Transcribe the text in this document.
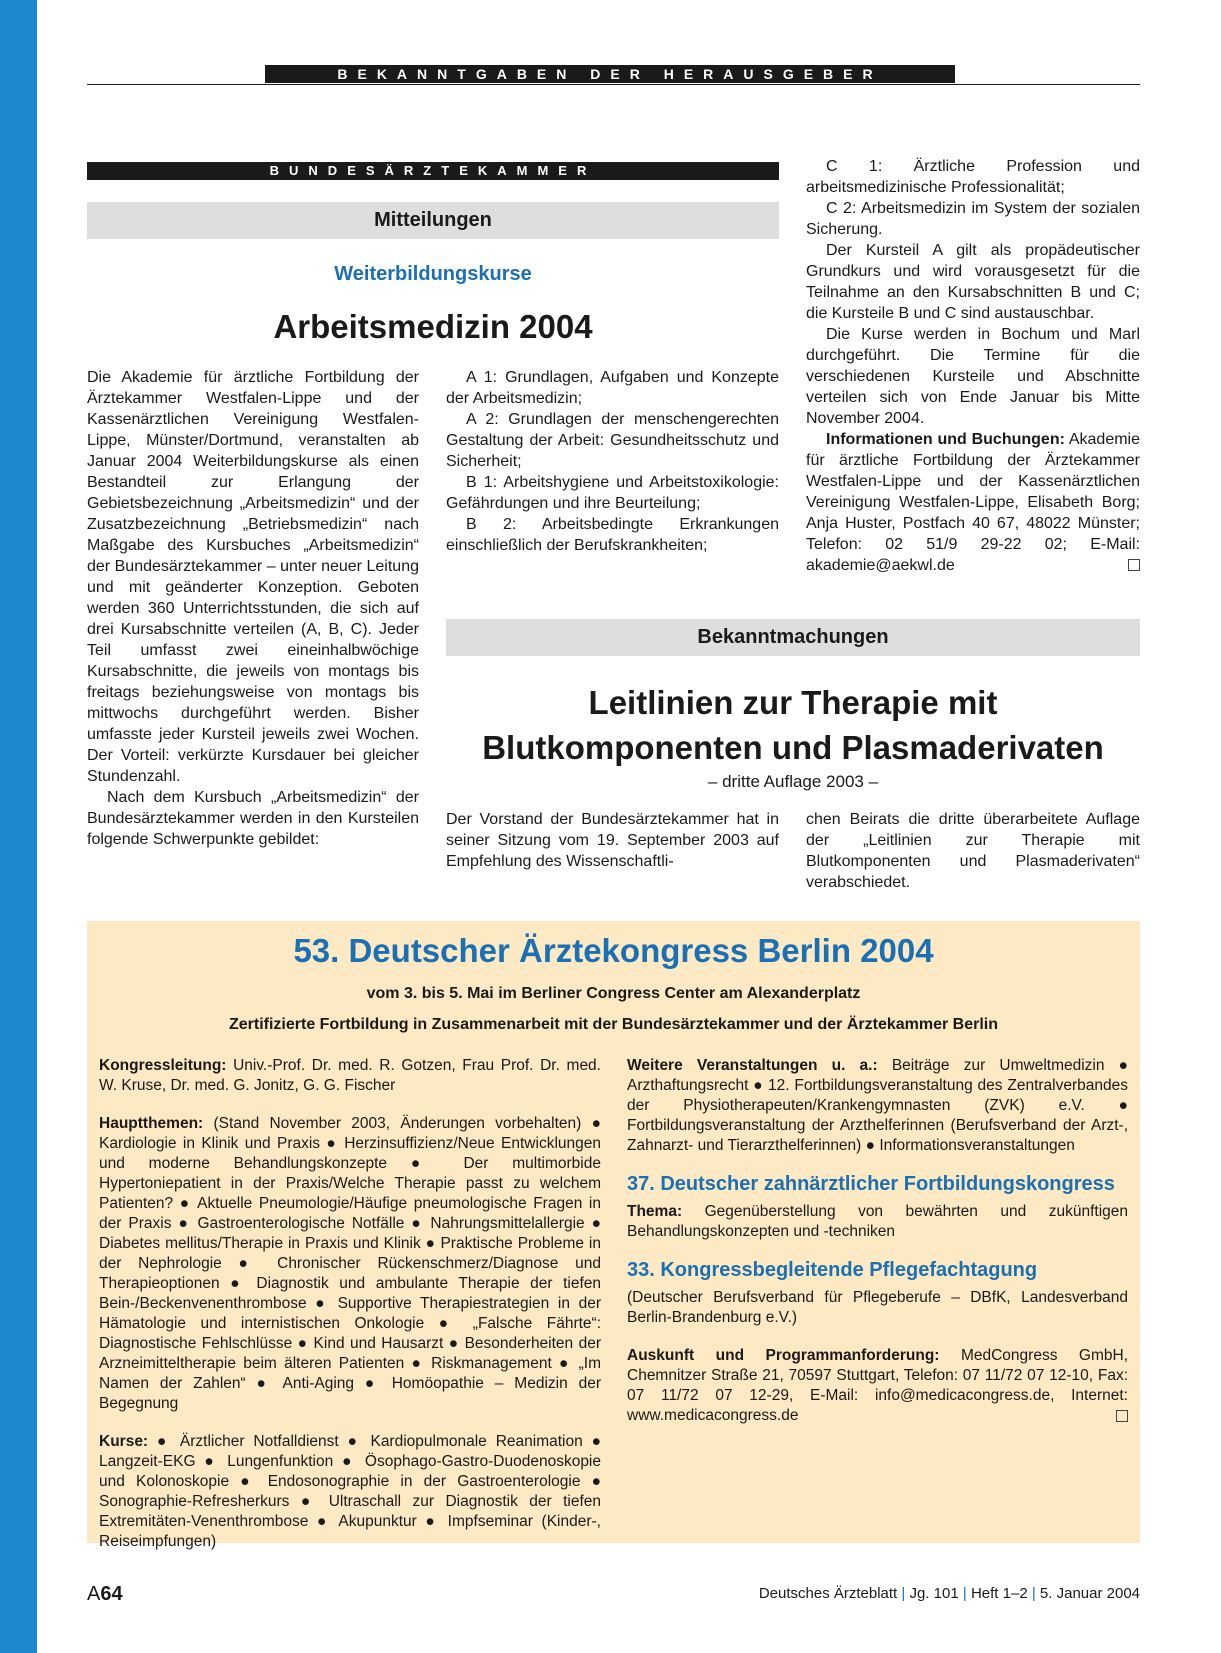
BEKANNTGABEN DER HERAUSGEBER
BUNDESÄRZTEKAMMER
Mitteilungen
Weiterbildungskurse
Arbeitsmedizin 2004

Die Akademie für ärztliche Fortbildung der Ärztekammer Westfalen-Lippe und der Kassenärztlichen Vereinigung Westfalen-Lippe, Münster/Dortmund, veranstalten ab Januar 2004 Weiterbildungskurse als einen Bestandteil zur Erlangung der Gebietsbezeichnung „Arbeitsmedizin“ und der Zusatzbezeichnung „Betriebsmedizin“ nach Maßgabe des Kursbuches „Arbeitsmedizin“ der Bundesärztekammer – unter neuer Leitung und mit geänderter Konzeption. Geboten werden 360 Unterrichtsstunden, die sich auf drei Kursabschnitte verteilen (A, B, C). Jeder Teil umfasst zwei eineinhalbwöchige Kursabschnitte, die jeweils von montags bis freitags beziehungsweise von montags bis mittwochs durchgeführt werden. Bisher umfasste jeder Kursteil jeweils zwei Wochen. Der Vorteil: verkürzte Kursdauer bei gleicher Stundenzahl.

Nach dem Kursbuch „Arbeitsmedizin“ der Bundesärztekammer werden in den Kursteilen folgende Schwerpunkte gebildet:

A 1: Grundlagen, Aufgaben und Konzepte der Arbeitsmedizin;

A 2: Grundlagen der menschengerechten Gestaltung der Arbeit: Gesundheitsschutz und Sicherheit;

B 1: Arbeitshygiene und Arbeitstoxikologie: Gefährdungen und ihre Beurteilung;

B 2: Arbeitsbedingte Erkrankungen einschließlich der Berufskrankheiten;

C 1: Ärztliche Profession und arbeitsmedizinische Professionalität;

C 2: Arbeitsmedizin im System der sozialen Sicherung.

Der Kursteil A gilt als propädeutischer Grundkurs und wird vorausgesetzt für die Teilnahme an den Kursabschnitten B und C; die Kursteile B und C sind austauschbar.

Die Kurse werden in Bochum und Marl durchgeführt. Die Termine für die verschiedenen Kursteile und Abschnitte verteilen sich von Ende Januar bis Mitte November 2004.

Informationen und Buchungen: Akademie für ärztliche Fortbildung der Ärztekammer Westfalen-Lippe und der Kassenärztlichen Vereinigung Westfalen-Lippe, Elisabeth Borg; Anja Huster, Postfach 40 67, 48022 Münster; Telefon: 02 51/9 29-22 02; E-Mail: akademie@aekwl.de

Bekanntmachungen
Leitlinien zur Therapie mit
Blutkomponenten und Plasmaderivaten
– dritte Auflage 2003 –
Der Vorstand der Bundesärztekammer hat in seiner Sitzung vom 19. September 2003 auf Empfehlung des Wissenschaftli-
chen Beirats die dritte überarbeitete Auflage der „Leitlinien zur Therapie mit Blutkomponenten und Plasmaderivaten“ verabschiedet.
53. Deutscher Ärztekongress Berlin 2004
vom 3. bis 5. Mai im Berliner Congress Center am Alexanderplatz
Zertifizierte Fortbildung in Zusammenarbeit mit der Bundesärztekammer und der Ärztekammer Berlin

Kongressleitung: Univ.-Prof. Dr. med. R. Gotzen, Frau Prof. Dr. med. W. Kruse, Dr. med. G. Jonitz, G. G. Fischer

Hauptthemen: (Stand November 2003, Änderungen vorbehalten) ● Kardiologie in Klinik und Praxis ● Herzinsuffizienz/Neue Entwicklungen und moderne Behandlungskonzepte ● Der multimorbide Hypertoniepatient in der Praxis/Welche Therapie passt zu welchem Patienten? ● Aktuelle Pneumologie/Häufige pneumologische Fragen in der Praxis ● Gastroenterologische Notfälle ● Nahrungsmittelallergie ● Diabetes mellitus/Therapie in Praxis und Klinik ● Praktische Probleme in der Nephrologie ● Chronischer Rückenschmerz/Diagnose und Therapieoptionen ● Diagnostik und ambulante Therapie der tiefen Bein-/Beckenvenenthrombose ● Supportive Therapiestrategien in der Hämatologie und internistischen Onkologie ● „Falsche Fährte“: Diagnostische Fehlschlüsse ● Kind und Hausarzt ● Besonderheiten der Arzneimitteltherapie beim älteren Patienten ● Riskmanagement ● „Im Namen der Zahlen“ ● Anti-Aging ● Homöopathie – Medizin der Begegnung

Kurse: ● Ärztlicher Notfalldienst ● Kardiopulmonale Reanimation ● Langzeit-EKG ● Lungenfunktion ● Ösophago-Gastro-Duodenoskopie und Kolonoskopie ● Endosonographie in der Gastroenterologie ● Sonographie-Refresherkurs ● Ultraschall zur Diagnostik der tiefen Extremitäten-Venenthrombose ● Akupunktur ● Impfseminar (Kinder-, Reiseimpfungen)

Weitere Veranstaltungen u. a.: Beiträge zur Umweltmedizin ● Arzthaftungsrecht ● 12. Fortbildungsveranstaltung des Zentralverbandes der Physiotherapeuten/Krankengymnasten (ZVK) e.V. ● Fortbildungsveranstaltung der Arzthelferinnen (Berufsverband der Arzt-, Zahnarzt- und Tierarzthelferinnen) ● Informationsveranstaltungen

37. Deutscher zahnärztlicher Fortbildungskongress

Thema: Gegenüberstellung von bewährten und zukünftigen Behandlungskonzepten und -techniken

33. Kongressbegleitende Pflegefachtagung

(Deutscher Berufsverband für Pflegeberufe – DBfK, Landesverband Berlin-Brandenburg e.V.)

Auskunft und Programmanforderung: MedCongress GmbH, Chemnitzer Straße 21, 70597 Stuttgart, Telefon: 07 11/72 07 12-10, Fax: 07 11/72 07 12-29, E-Mail: info@medicacongress.de, Internet: www.medicacongress.de

A64	Deutsches Ärzteblatt | Jg. 101 | Heft 1–2 | 5. Januar 2004
